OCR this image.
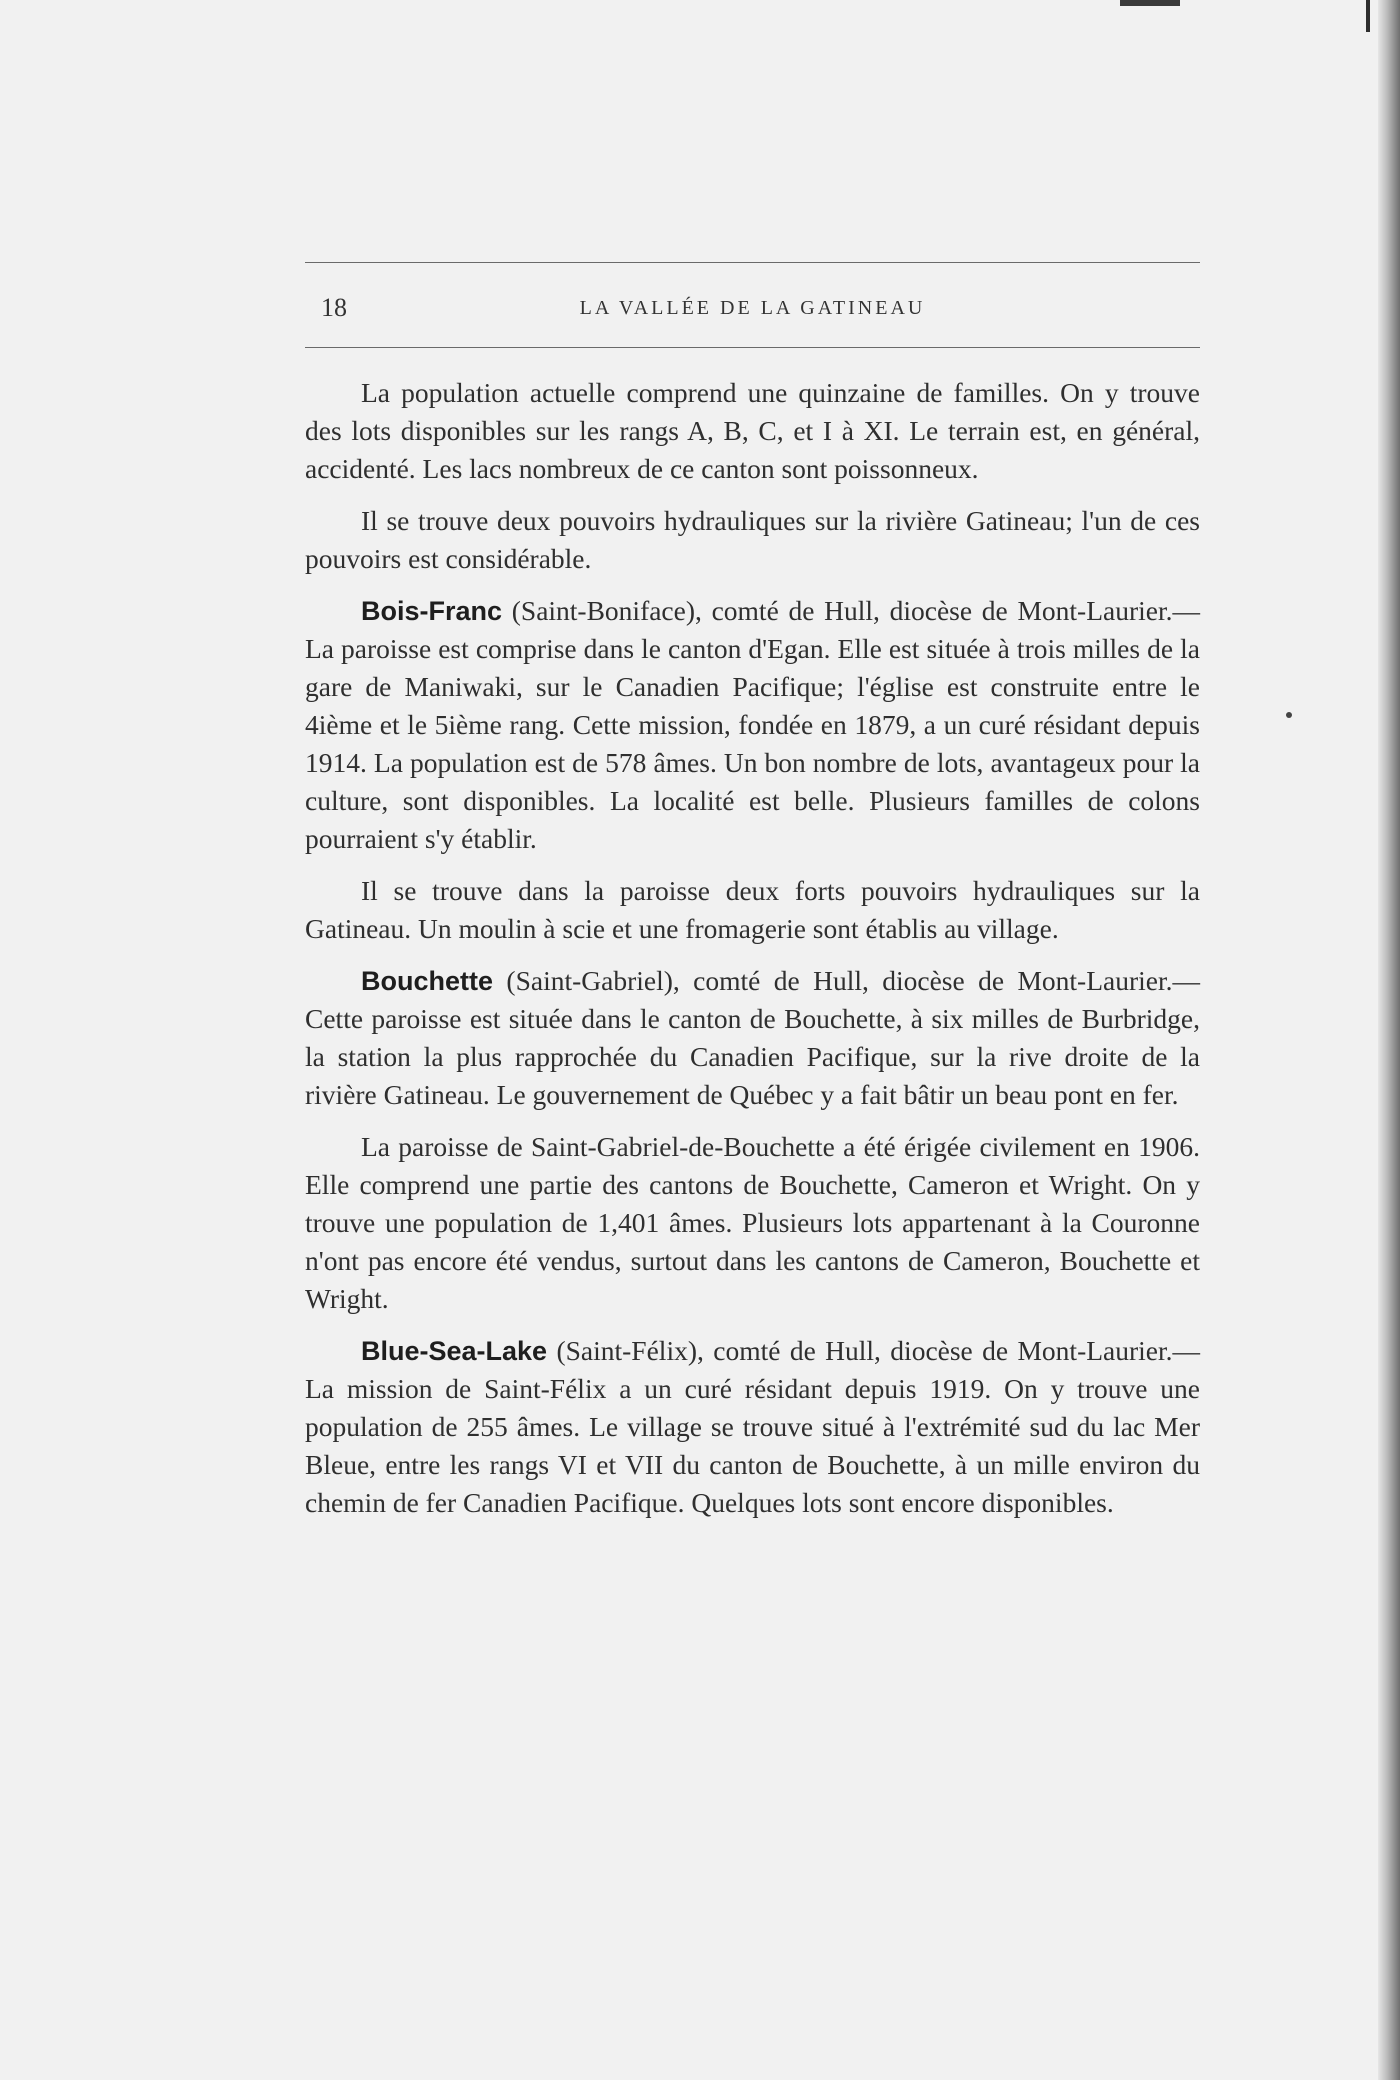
18	LA VALLÉE DE LA GATINEAU

La population actuelle comprend une quinzaine de familles. On y trouve des lots disponibles sur les rangs A, B, C, et I à XI. Le terrain est, en général, accidenté. Les lacs nombreux de ce canton sont poissonneux.

Il se trouve deux pouvoirs hydrauliques sur la rivière Gatineau; l'un de ces pouvoirs est considérable.

Bois-Franc (Saint-Boniface), comté de Hull, diocèse de Mont-Laurier.—La paroisse est comprise dans le canton d'Egan. Elle est située à trois milles de la gare de Maniwaki, sur le Canadien Pacifique; l'église est construite entre le 4ième et le 5ième rang. Cette mission, fondée en 1879, a un curé résidant depuis 1914. La population est de 578 âmes. Un bon nombre de lots, avantageux pour la culture, sont disponibles. La localité est belle. Plusieurs familles de colons pourraient s'y établir.

Il se trouve dans la paroisse deux forts pouvoirs hydrauliques sur la Gatineau. Un moulin à scie et une fromagerie sont établis au village.

Bouchette (Saint-Gabriel), comté de Hull, diocèse de Mont-Laurier.—Cette paroisse est située dans le canton de Bouchette, à six milles de Burbridge, la station la plus rapprochée du Canadien Pacifique, sur la rive droite de la rivière Gatineau. Le gouvernement de Québec y a fait bâtir un beau pont en fer.

La paroisse de Saint-Gabriel-de-Bouchette a été érigée civilement en 1906. Elle comprend une partie des cantons de Bouchette, Cameron et Wright. On y trouve une population de 1,401 âmes. Plusieurs lots appartenant à la Couronne n'ont pas encore été vendus, surtout dans les cantons de Cameron, Bouchette et Wright.

Blue-Sea-Lake (Saint-Félix), comté de Hull, diocèse de Mont-Laurier.—La mission de Saint-Félix a un curé résidant depuis 1919. On y trouve une population de 255 âmes. Le village se trouve situé à l'extrémité sud du lac Mer Bleue, entre les rangs VI et VII du canton de Bouchette, à un mille environ du chemin de fer Canadien Pacifique. Quelques lots sont encore disponibles.
